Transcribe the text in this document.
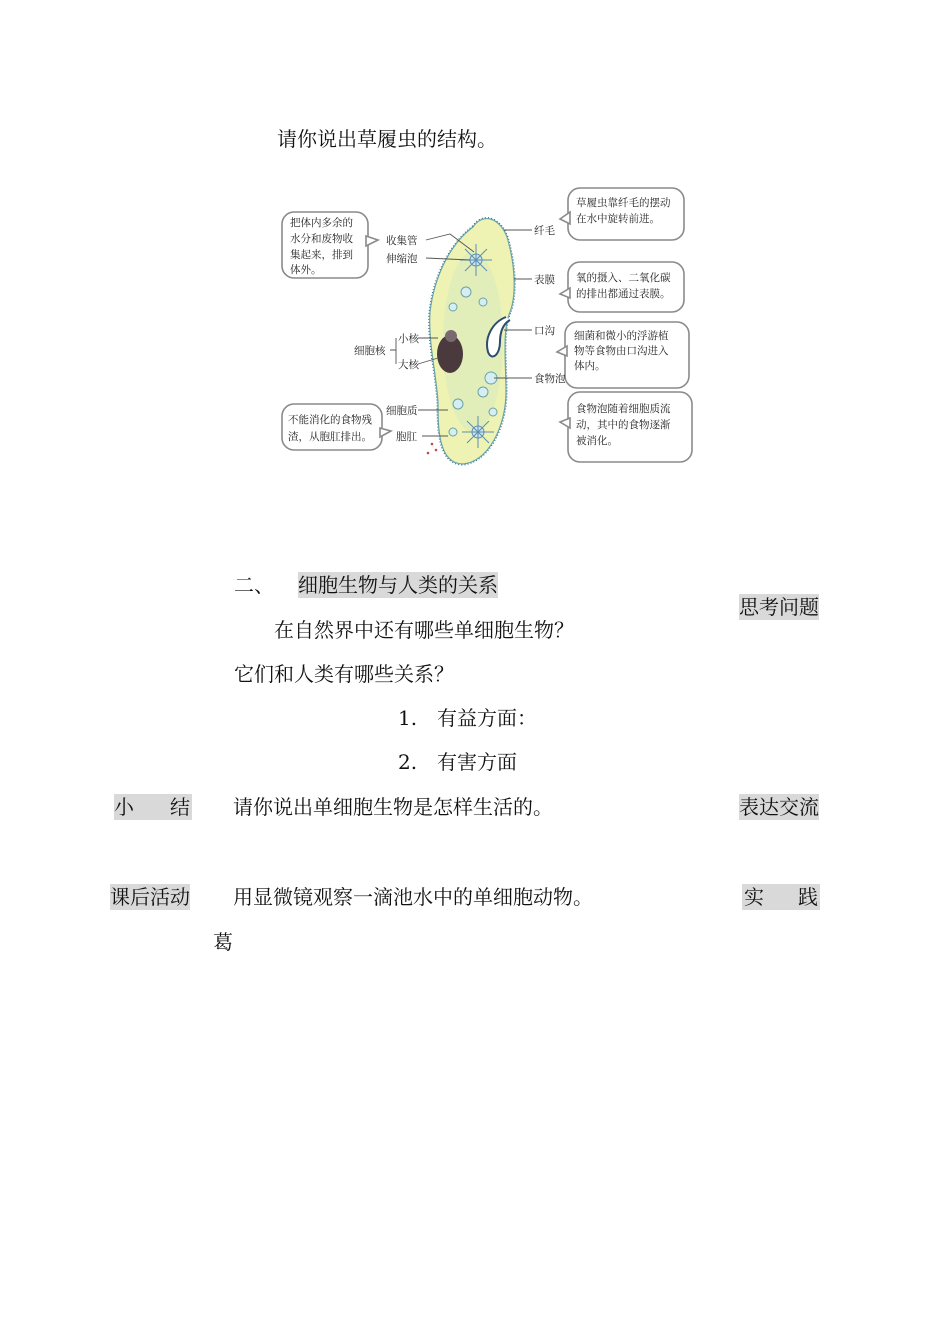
请你说出草履虫的结构。
把体内多余的
水分和废物收
集起来，排到
体外。
不能消化的食物残
渣，从胞肛排出。
草履虫靠纤毛的摆动
在水中旋转前进。
氧的摄入、二氧化碳
的排出都通过表膜。
细菌和微小的浮游植
物等食物由口沟进入
体内。
食物泡随着细胞质流
动，其中的食物逐渐
被消化。
收集管
伸缩泡
细胞核
小核
大核
细胞质
胞肛
纤毛
表膜
口沟
食物泡
二、 细胞生物与人类的关系
思考问题
在自然界中还有哪些单细胞生物？
它们和人类有哪些关系？
1. 有益方面：
2. 有害方面
小 结 请你说出单细胞生物是怎样生活的。	表达交流
课后活动 用显微镜观察一滴池水中的单细胞动物。	实 践
葛
